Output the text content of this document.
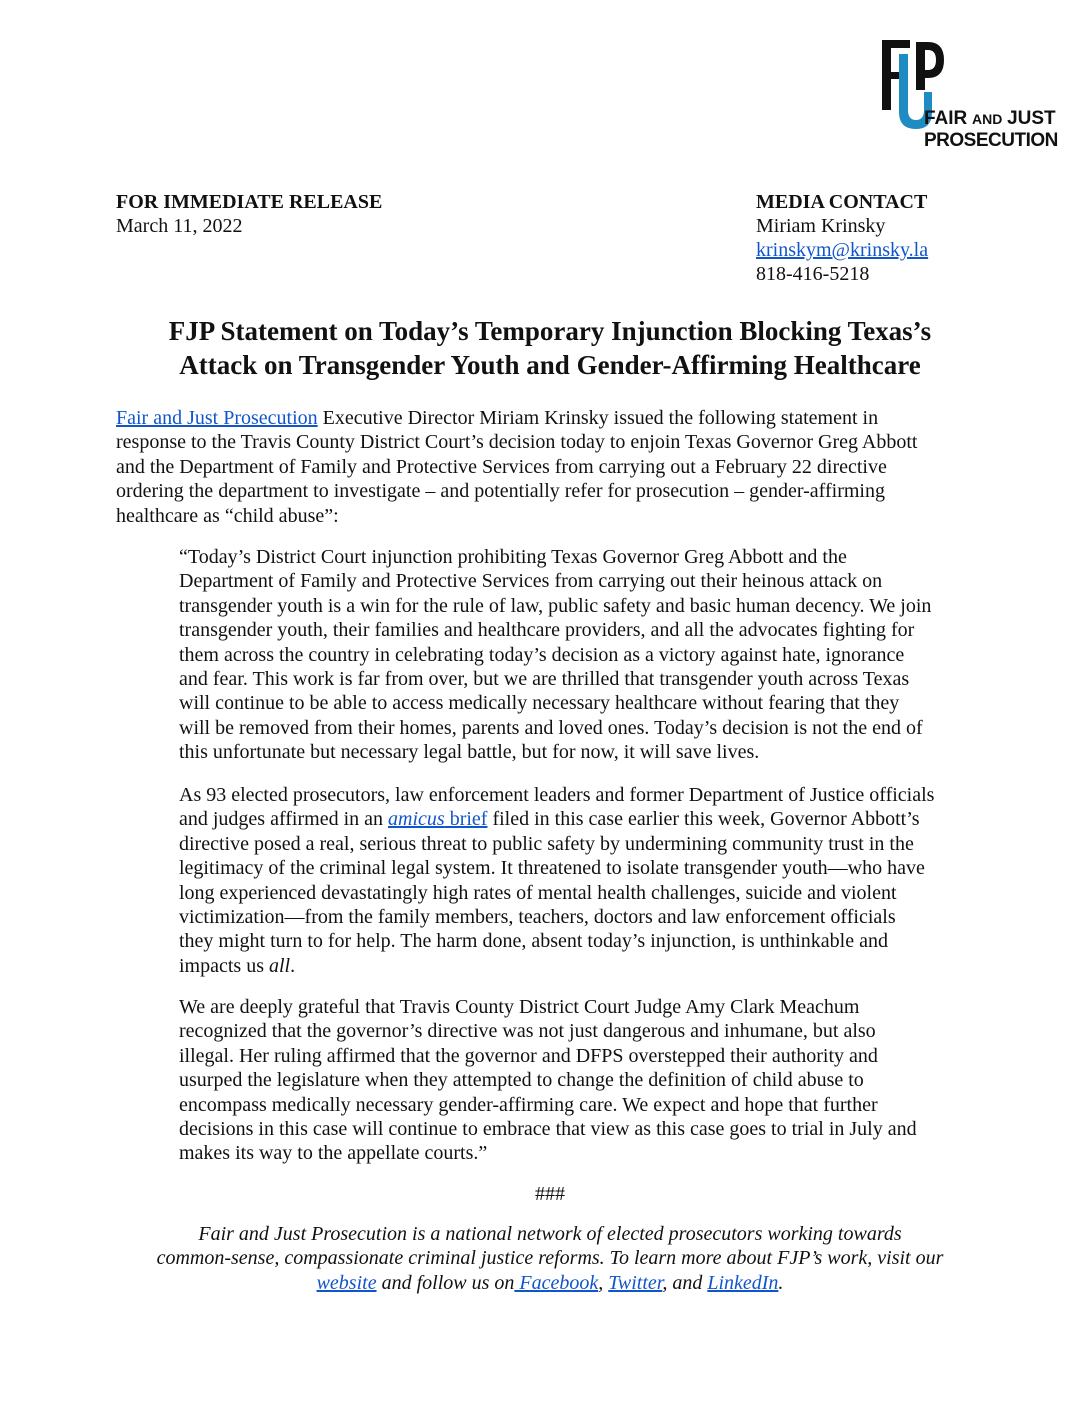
FAIR AND JUST
PROSECUTION
FOR IMMEDIATE RELEASE
March 11, 2022
MEDIA CONTACT
Miriam Krinsky
krinskym@krinsky.la
818-416-5218
FJP Statement on Today’s Temporary Injunction Blocking Texas’s
Attack on Transgender Youth and Gender-Affirming Healthcare
Fair and Just Prosecution Executive Director Miriam Krinsky issued the following statement in
response to the Travis County District Court’s decision today to enjoin Texas Governor Greg Abbott
and the Department of Family and Protective Services from carrying out a February 22 directive
ordering the department to investigate – and potentially refer for prosecution – gender-affirming
healthcare as “child abuse”:
“Today’s District Court injunction prohibiting Texas Governor Greg Abbott and the
Department of Family and Protective Services from carrying out their heinous attack on
transgender youth is a win for the rule of law, public safety and basic human decency. We join
transgender youth, their families and healthcare providers, and all the advocates fighting for
them across the country in celebrating today’s decision as a victory against hate, ignorance
and fear. This work is far from over, but we are thrilled that transgender youth across Texas
will continue to be able to access medically necessary healthcare without fearing that they
will be removed from their homes, parents and loved ones. Today’s decision is not the end of
this unfortunate but necessary legal battle, but for now, it will save lives.
As 93 elected prosecutors, law enforcement leaders and former Department of Justice officials
and judges affirmed in an amicus brief filed in this case earlier this week, Governor Abbott’s
directive posed a real, serious threat to public safety by undermining community trust in the
legitimacy of the criminal legal system. It threatened to isolate transgender youth—who have
long experienced devastatingly high rates of mental health challenges, suicide and violent
victimization—from the family members, teachers, doctors and law enforcement officials
they might turn to for help. The harm done, absent today’s injunction, is unthinkable and
impacts us all.
We are deeply grateful that Travis County District Court Judge Amy Clark Meachum
recognized that the governor’s directive was not just dangerous and inhumane, but also
illegal. Her ruling affirmed that the governor and DFPS overstepped their authority and
usurped the legislature when they attempted to change the definition of child abuse to
encompass medically necessary gender-affirming care. We expect and hope that further
decisions in this case will continue to embrace that view as this case goes to trial in July and
makes its way to the appellate courts.”
###
Fair and Just Prosecution is a national network of elected prosecutors working towards
common-sense, compassionate criminal justice reforms. To learn more about FJP’s work, visit our
website and follow us on Facebook, Twitter, and LinkedIn.
